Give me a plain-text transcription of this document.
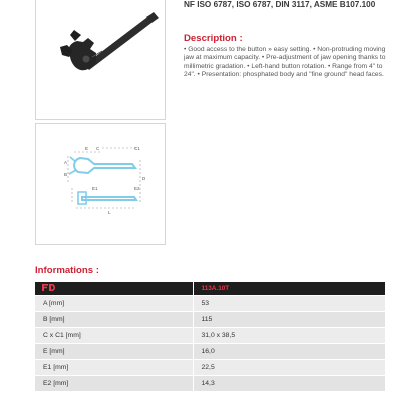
NF ISO 6787, ISO 6787, DIN 3117, ASME B107.100
Description :
• Good access to the button » easy setting. • Non-protruding moving jaw at maximum capacity. • Pre-adjustment of jaw opening thanks to millimetric gradation. • Left-hand button rotation. • Range from 4" to 24". • Presentation: phosphated body and "fine ground" head faces.
E C	C1
A
B
D
E1	E2
L
Informations :
	113A.10T
A [mm]	53
B [mm]	115
C x C1 [mm]	31,0 x 38,5
E [mm]	16,0
E1 [mm]	22,5
E2 [mm]	14,3
